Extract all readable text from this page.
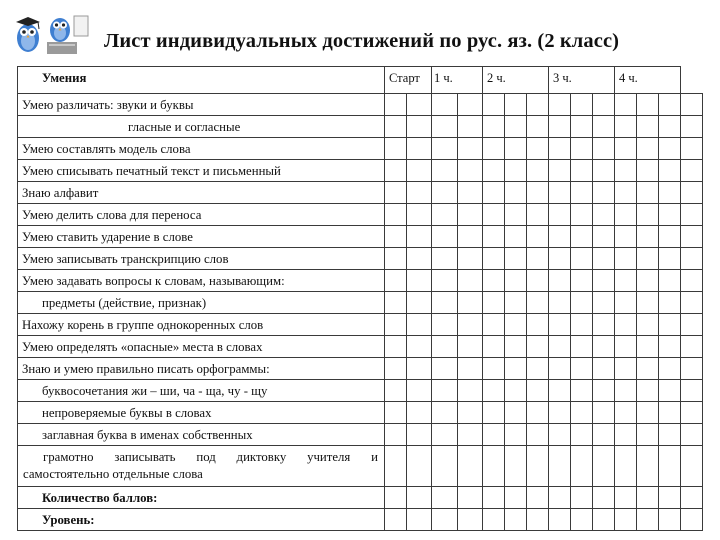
Лист индивидуальных достижений по рус. яз. (2 класс)
Умения	Старт		1 ч.		2 ч.			3 ч.			4 ч.			
Умею различать: звуки и буквы														
гласные и согласные														
Умею составлять модель слова														
Умею списывать печатный текст и письменный														
Знаю алфавит														
Умею делить слова для переноса														
Умею ставить ударение в слове														
Умею записывать транскрипцию слов														
Умею задавать вопросы к словам, называющим:														
предметы (действие, признак)														
Нахожу корень в группе однокоренных слов														
Умею определять «опасные» места в словах														
Знаю и умею правильно писать орфограммы:														
буквосочетания жи – ши, ча - ща, чу - щу														
непроверяемые буквы в словах														
заглавная буква в именах собственных														
грамотно записывать под диктовку учителя и самостоятельно отдельные слова														
Количество баллов:														
Уровень:														
